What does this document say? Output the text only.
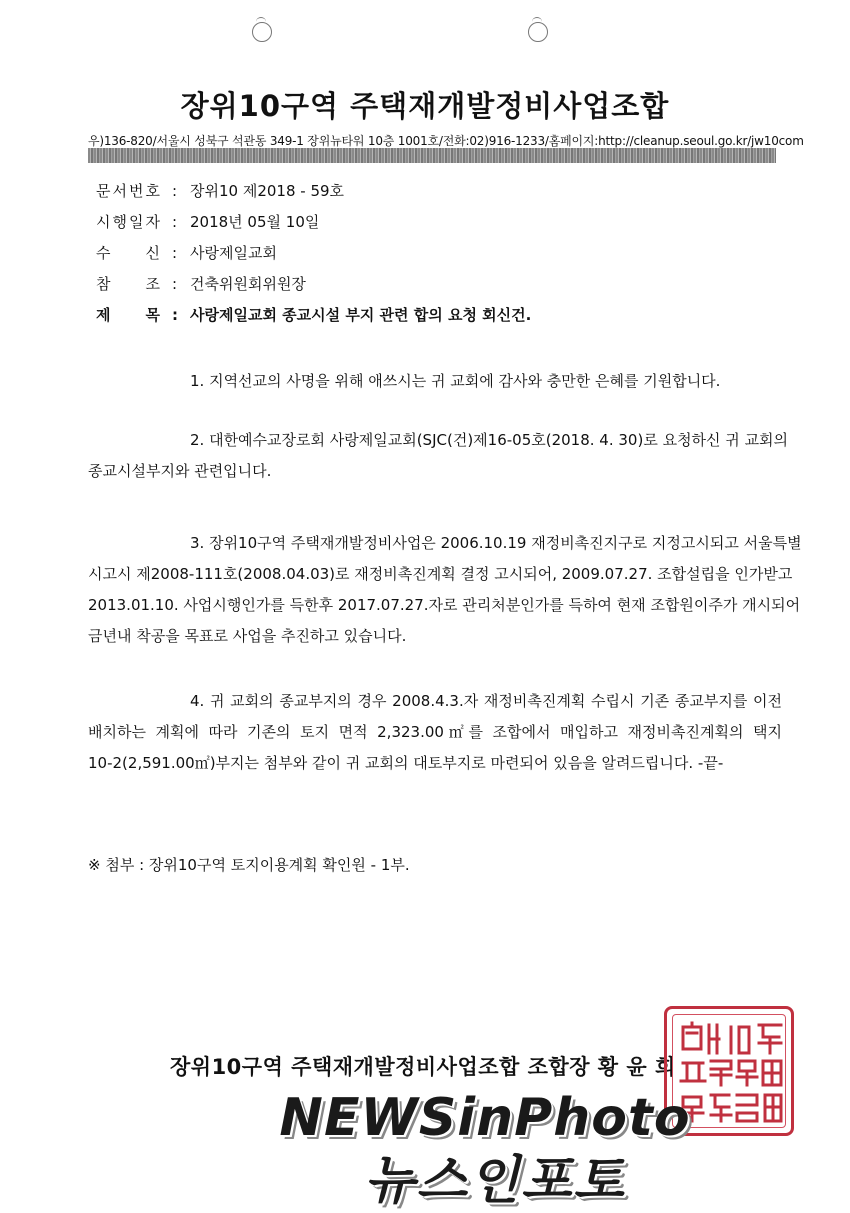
장위10구역 주택재개발정비사업조합
우)136-820/서울시 성북구 석관동 349-1 장위뉴타워 10층 1001호/전화:02)916-1233/홈페이지:http://cleanup.seoul.go.kr/jw10com
문 서 번 호 : 장위10 제2018 - 59호
시 행 일 자 : 2018년 05월 10일
수 신 : 사랑제일교회
참 조 : 건축위원회위원장
제 목 : 사랑제일교회 종교시설 부지 관련 합의 요청 회신건.
1. 지역선교의 사명을 위해 애쓰시는 귀 교회에 감사와 충만한 은혜를 기원합니다.
2. 대한예수교장로회 사랑제일교회(SJC(건)제16-05호(2018. 4. 30)로 요청하신 귀 교회의
종교시설부지와 관련입니다.
3. 장위10구역 주택재개발정비사업은 2006.10.19 재정비촉진지구로 지정고시되고 서울특별
시고시 제2008-111호(2008.04.03)로 재정비촉진계획 결정 고시되어, 2009.07.27. 조합설립을 인가받고
2013.01.10. 사업시행인가를 득한후 2017.07.27.자로 관리처분인가를 득하여 현재 조합원이주가 개시되어
금년내 착공을 목표로 사업을 추진하고 있습니다.
4. 귀 교회의 종교부지의 경우 2008.4.3.자 재정비촉진계획 수립시 기존 종교부지를 이전
배치하는 계획에 따라 기존의 토지 면적 2,323.00㎡를 조합에서 매입하고 재정비촉진계획의 택지
10-2(2,591.00㎡)부지는 첨부와 같이 귀 교회의 대토부지로 마련되어 있음을 알려드립니다. -끝-
※ 첨부 : 장위10구역 토지이용계획 확인원 - 1부.
장위10구역 주택재개발정비사업조합 조합장 황 윤 희
NEWSinPhoto
뉴스인포토
